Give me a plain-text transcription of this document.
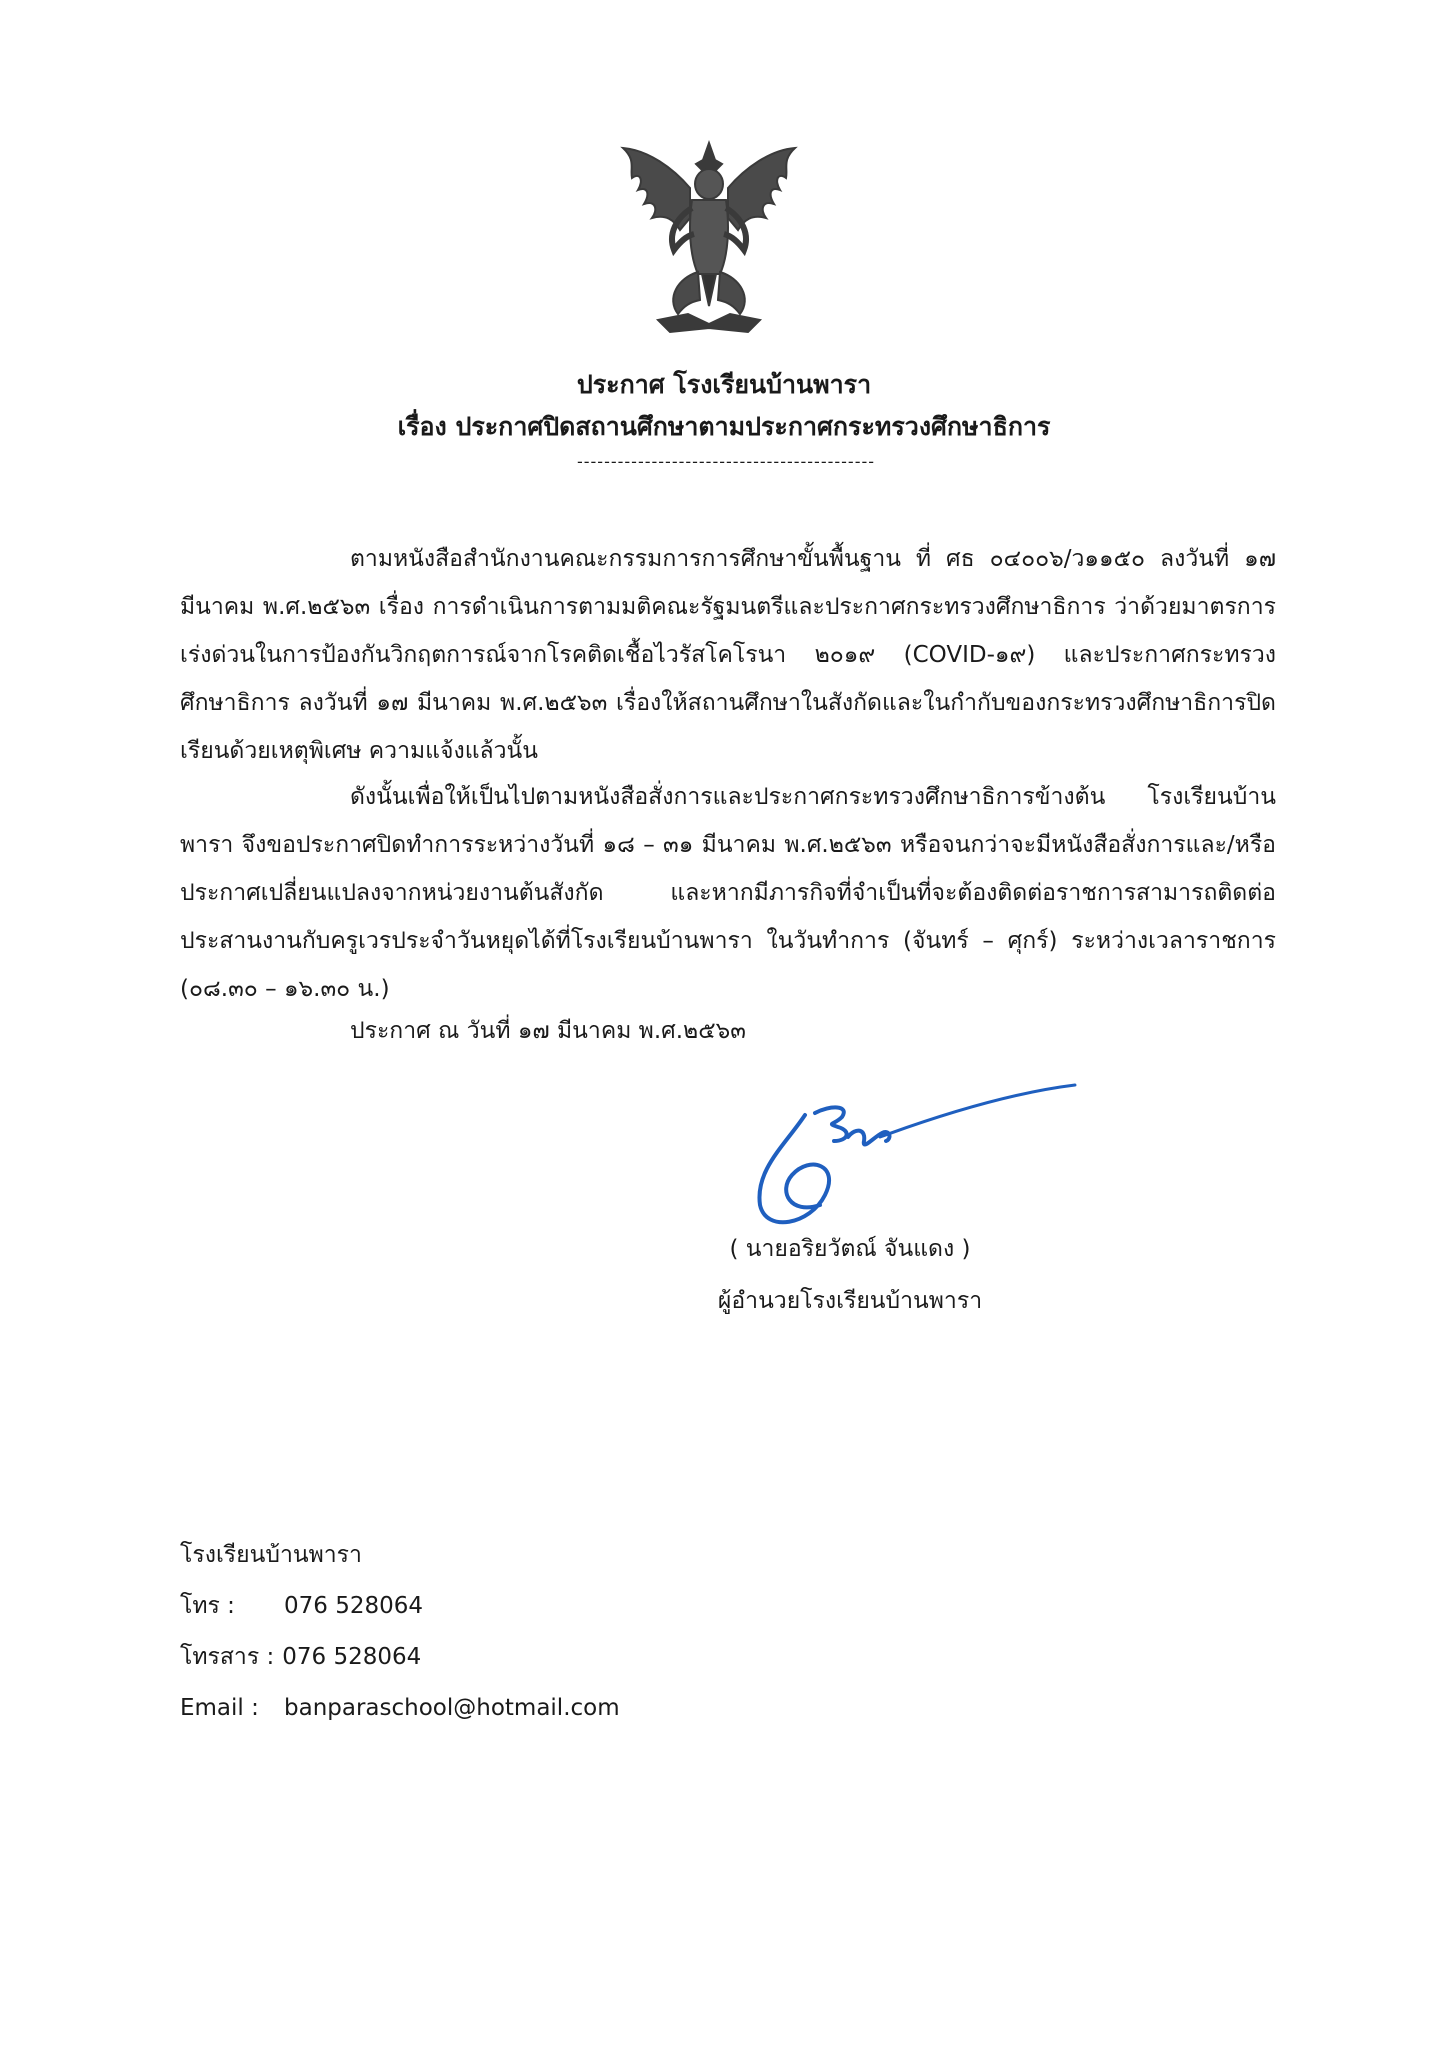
ประกาศ โรงเรียนบ้านพารา
เรื่อง ประกาศปิดสถานศึกษาตามประกาศกระทรวงศึกษาธิการ
--------------------------------------------
ตามหนังสือสำนักงานคณะกรรมการการศึกษาขั้นพื้นฐาน ที่ ศธ ๐๔๐๐๖/ว๑๑๕๐ ลงวันที่ ๑๗ มีนาคม พ.ศ.๒๕๖๓ เรื่อง การดำเนินการตามมติคณะรัฐมนตรีและประกาศกระทรวงศึกษาธิการ ว่าด้วยมาตรการเร่งด่วนในการป้องกันวิกฤตการณ์จากโรคติดเชื้อไวรัสโคโรนา ๒๐๑๙ (COVID-๑๙) และประกาศกระทรวงศึกษาธิการ ลงวันที่ ๑๗ มีนาคม พ.ศ.๒๕๖๓ เรื่องให้สถานศึกษาในสังกัดและในกำกับของกระทรวงศึกษาธิการปิดเรียนด้วยเหตุพิเศษ ความแจ้งแล้วนั้น
ดังนั้นเพื่อให้เป็นไปตามหนังสือสั่งการและประกาศกระทรวงศึกษาธิการข้างต้น โรงเรียนบ้านพารา จึงขอประกาศปิดทำการระหว่างวันที่ ๑๘ – ๓๑ มีนาคม พ.ศ.๒๕๖๓ หรือจนกว่าจะมีหนังสือสั่งการและ/หรือประกาศเปลี่ยนแปลงจากหน่วยงานต้นสังกัด และหากมีภารกิจที่จำเป็นที่จะต้องติดต่อราชการสามารถติดต่อประสานงานกับครูเวรประจำวันหยุดได้ที่โรงเรียนบ้านพารา ในวันทำการ (จันทร์ – ศุกร์) ระหว่างเวลาราชการ (๐๘.๓๐ – ๑๖.๓๐ น.)
ประกาศ ณ วันที่ ๑๗ มีนาคม พ.ศ.๒๕๖๓
( นายอริยวัตณ์ จันแดง )
ผู้อำนวยโรงเรียนบ้านพารา
โรงเรียนบ้านพารา
โทร : 076 528064
โทรสาร : 076 528064
Email : banparaschool@hotmail.com
